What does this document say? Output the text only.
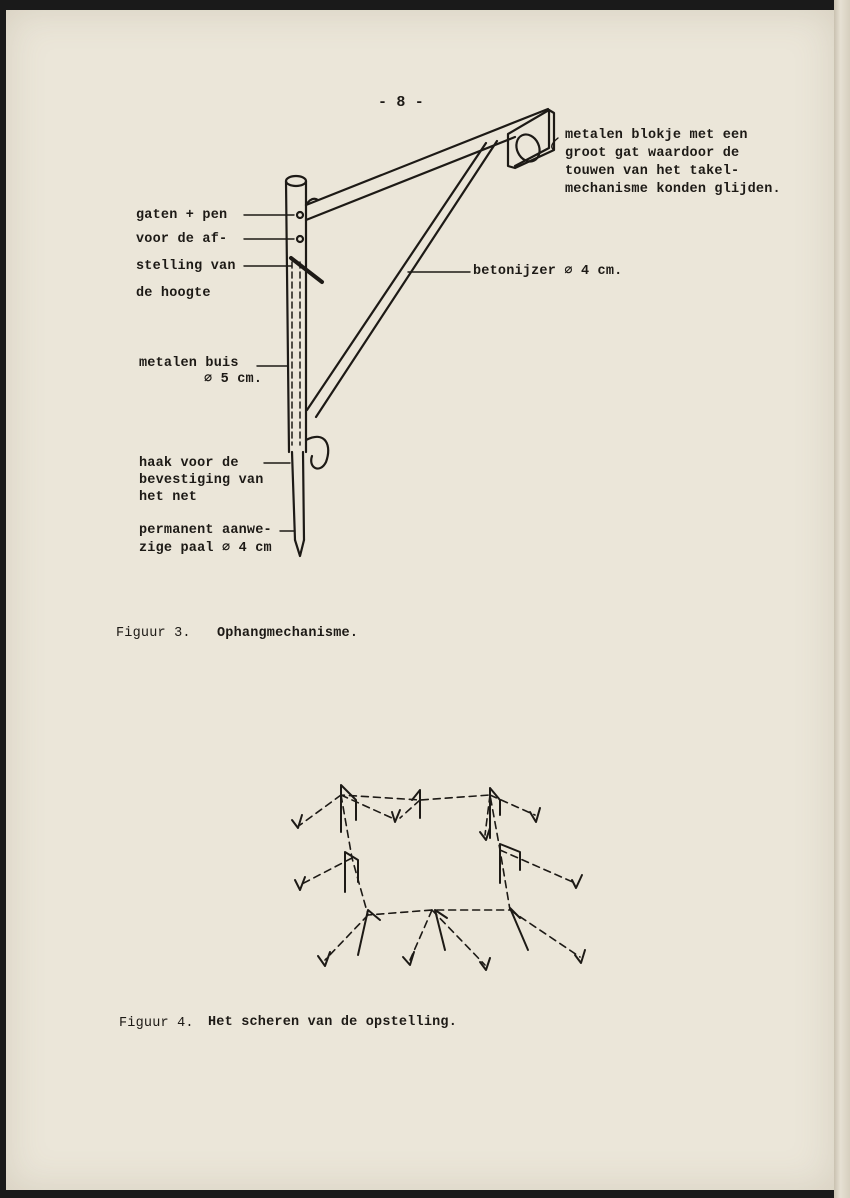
- 8 -
metalen blokje met een
groot gat waardoor de
touwen van het takel-
mechanisme konden glijden.
gaten + pen
voor de af-
stelling van
de hoogte
betonijzer ∅ 4 cm.
metalen buis
∅ 5 cm.
haak voor de
bevestiging van
het net
permanent aanwe-
zige paal ∅ 4 cm
Figuur 3. Ophangmechanisme.
Figuur 4. Het scheren van de opstelling.
